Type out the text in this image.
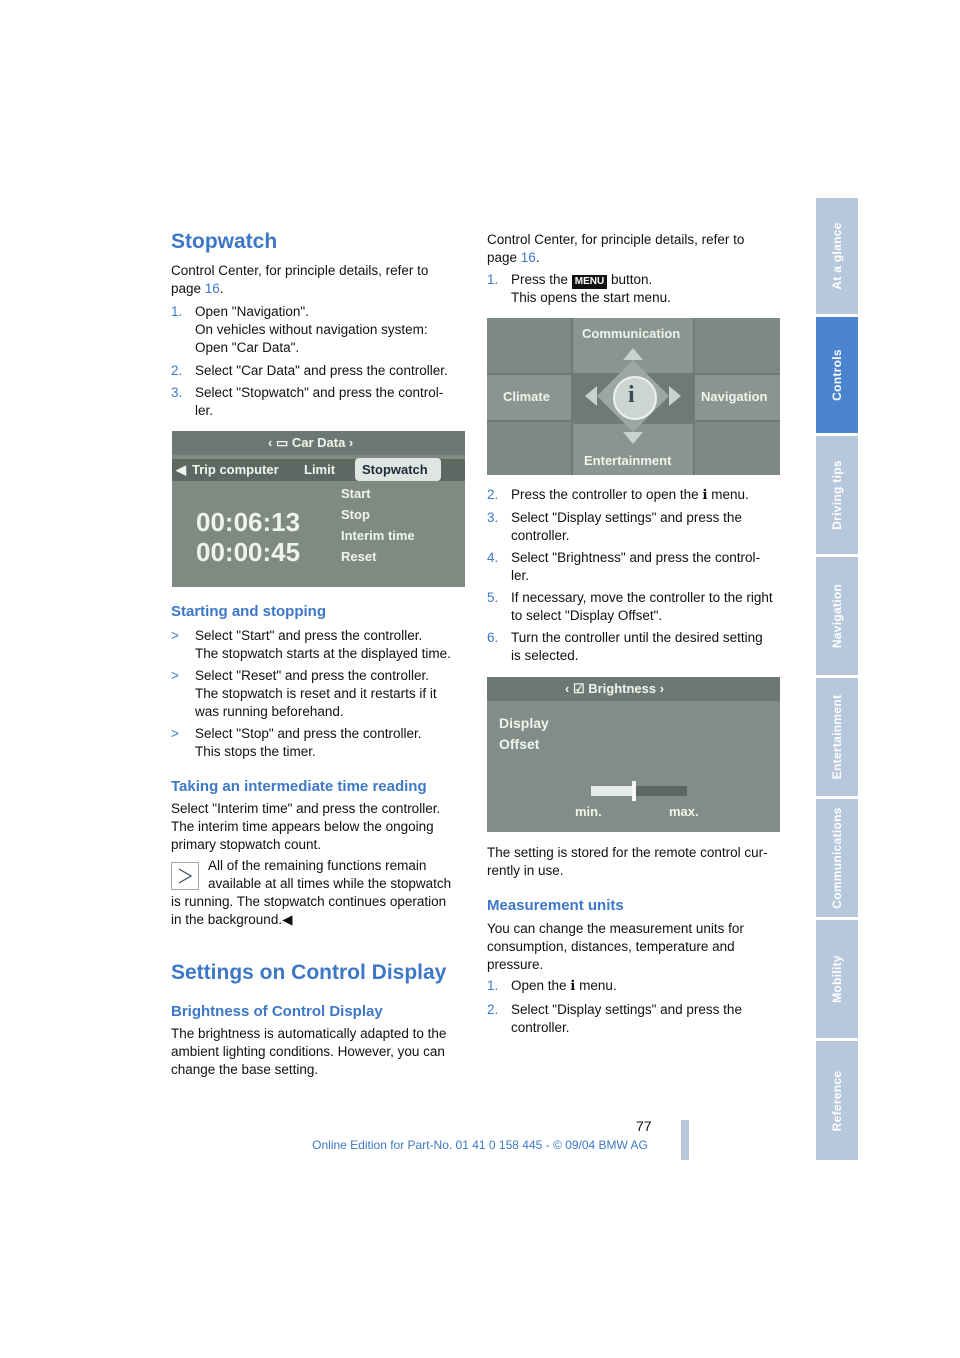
At a glance
Controls
Driving tips
Navigation
Entertainment
Communications
Mobility
Reference
Stopwatch
Control Center, for principle details, refer to
page 16.
1. Open "Navigation".
On vehicles without navigation system:
Open "Car Data".
2. Select "Car Data" and press the controller.
3. Select "Stopwatch" and press the control-
ler.
‹ ▭ Car Data ›
◀ Trip computer Limit Stopwatch
00:06:13
00:00:45
Start
Stop
Interim time
Reset
Starting and stopping
> Select "Start" and press the controller.
The stopwatch starts at the displayed time.
> Select "Reset" and press the controller.
The stopwatch is reset and it restarts if it
was running beforehand.
> Select "Stop" and press the controller.
This stops the timer.
Taking an intermediate time reading
Select "Interim time" and press the controller.
The interim time appears below the ongoing
primary stopwatch count.
All of the remaining functions remain
available at all times while the stopwatch
is running. The stopwatch continues operation
in the background.◀
Settings on Control Display
Brightness of Control Display
The brightness is automatically adapted to the
ambient lighting conditions. However, you can
change the base setting.
Control Center, for principle details, refer to
page 16.
1. Press the MENU button.
This opens the start menu.
Communication
Climate	Navigation
Entertainment
i
2. Press the controller to open the ℹ menu.
3. Select "Display settings" and press the
controller.
4. Select "Brightness" and press the control-
ler.
5. If necessary, move the controller to the right
to select "Display Offset".
6. Turn the controller until the desired setting
is selected.
‹ ☑ Brightness ›
Display
Offset
min.	max.
The setting is stored for the remote control cur-
rently in use.
Measurement units
You can change the measurement units for
consumption, distances, temperature and
pressure.
1. Open the ℹ menu.
2. Select "Display settings" and press the
controller.
77
Online Edition for Part-No. 01 41 0 158 445 - © 09/04 BMW AG
